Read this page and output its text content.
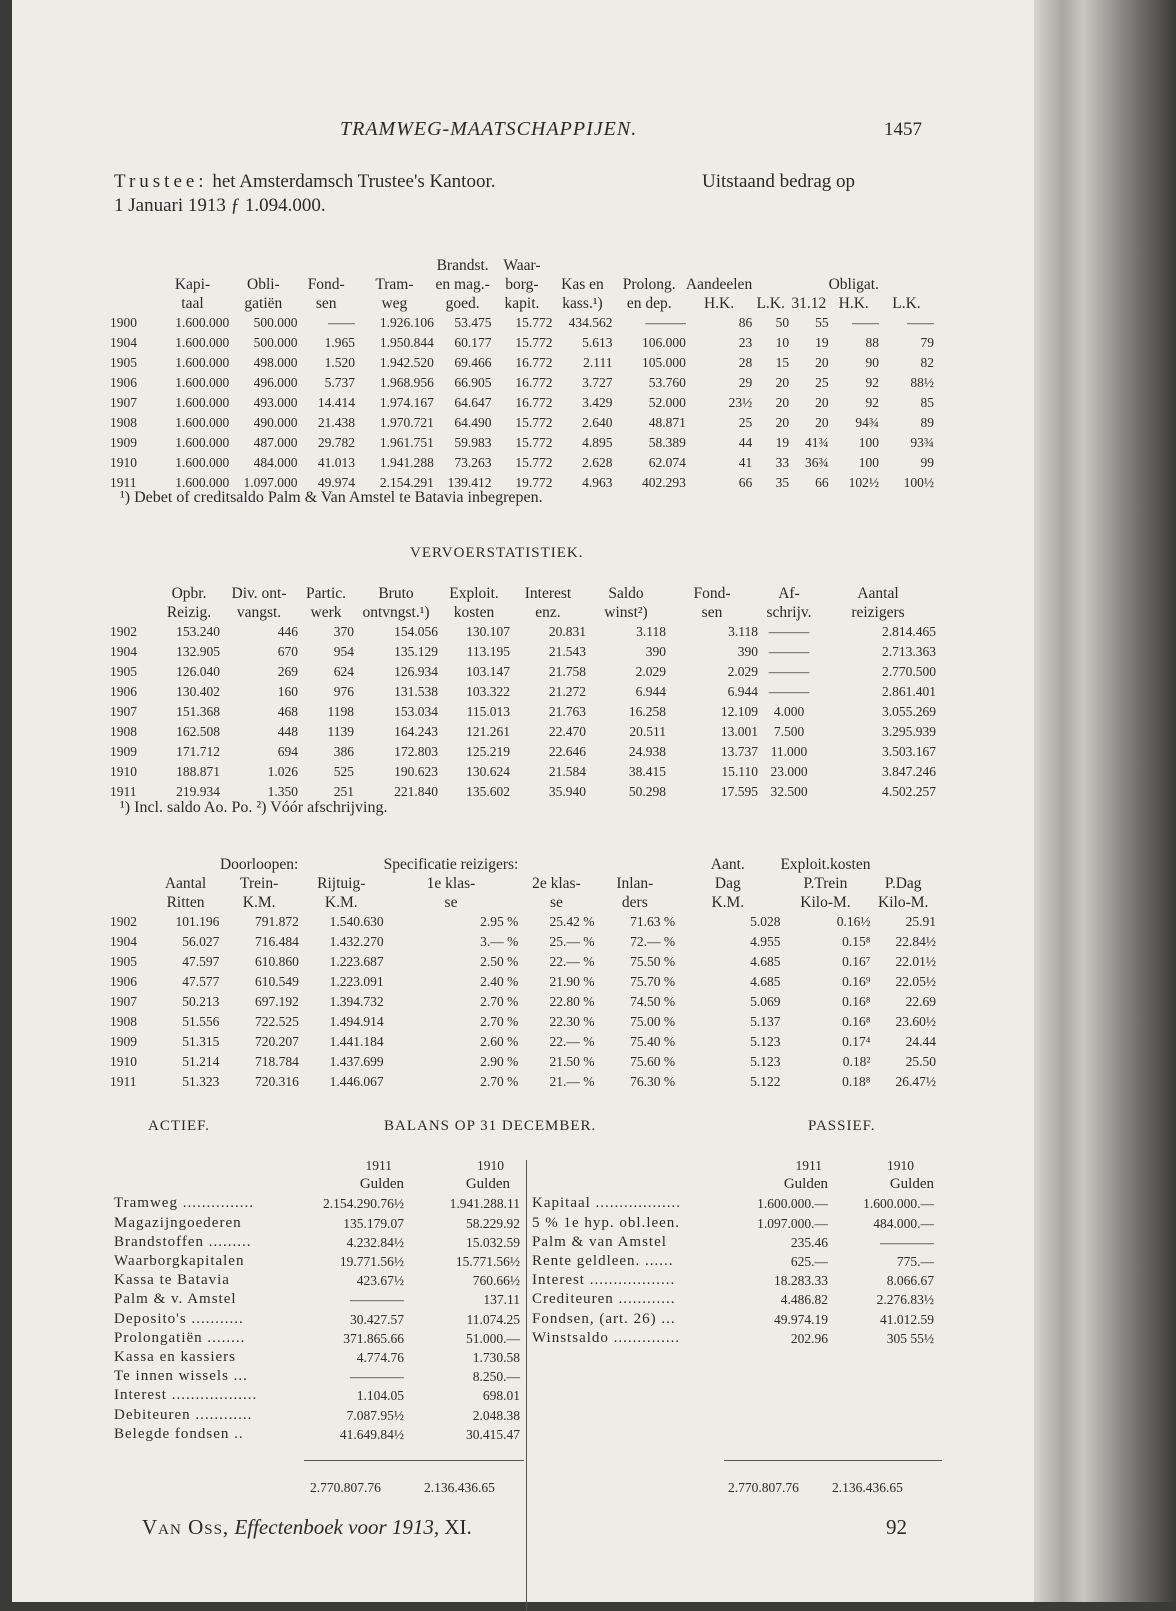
TRAMWEG-MAATSCHAPPIJEN.	1457
Trustee: het Amsterdamsch Trustee's Kantoor.	Uitstaand bedrag op
1 Januari 1913 ƒ 1.094.000.
					Brandst.	Waar-							
	Kapi-	Obli-	Fond-	Tram-	en mag.-	borg-	Kas en	Prolong.	Aandeelen			Obligat.	
	taal	gatiën	sen	weg	goed.	kapit.	kass.¹)	en dep.	H.K.	L.K.	31.12	H.K.	L.K.
1900	1.600.000	500.000	——	1.926.106	53.475	15.772	434.562	———	86	50	55	——	——
1904	1.600.000	500.000	1.965	1.950.844	60.177	15.772	5.613	106.000	23	10	19	88	79
1905	1.600.000	498.000	1.520	1.942.520	69.466	16.772	2.111	105.000	28	15	20	90	82
1906	1.600.000	496.000	5.737	1.968.956	66.905	16.772	3.727	53.760	29	20	25	92	88½
1907	1.600.000	493.000	14.414	1.974.167	64.647	16.772	3.429	52.000	23½	20	20	92	85
1908	1.600.000	490.000	21.438	1.970.721	64.490	15.772	2.640	48.871	25	20	20	94¾	89
1909	1.600.000	487.000	29.782	1.961.751	59.983	15.772	4.895	58.389	44	19	41¾	100	93¾
1910	1.600.000	484.000	41.013	1.941.288	73.263	15.772	2.628	62.074	41	33	36¾	100	99
1911	1.600.000	1.097.000	49.974	2.154.291	139.412	19.772	4.963	402.293	66	35	66	102½	100½
¹) Debet of creditsaldo Palm & Van Amstel te Batavia inbegrepen.
VERVOERSTATISTIEK.
	Opbr.	Div. ont-	Partic.	Bruto	Exploit.	Interest	Saldo	Fond-	Af-	Aantal
	Reizig.	vangst.	werk	ontvngst.¹)	kosten	enz.	winst²)	sen	schrijv.	reizigers
1902	153.240	446	370	154.056	130.107	20.831	3.118	3.118	———	2.814.465
1904	132.905	670	954	135.129	113.195	21.543	390	390	———	2.713.363
1905	126.040	269	624	126.934	103.147	21.758	2.029	2.029	———	2.770.500
1906	130.402	160	976	131.538	103.322	21.272	6.944	6.944	———	2.861.401
1907	151.368	468	1198	153.034	115.013	21.763	16.258	12.109	4.000	3.055.269
1908	162.508	448	1139	164.243	121.261	22.470	20.511	13.001	7.500	3.295.939
1909	171.712	694	386	172.803	125.219	22.646	24.938	13.737	11.000	3.503.167
1910	188.871	1.026	525	190.623	130.624	21.584	38.415	15.110	23.000	3.847.246
1911	219.934	1.350	251	221.840	135.602	35.940	50.298	17.595	32.500	4.502.257
¹) Incl. saldo Ao. Po. ²) Vóór afschrijving.
		Doorloopen:		Specificatie reizigers:			Aant.	Exploit.kosten	
	Aantal	Trein-	Rijtuig-	1e klas-	2e klas-	Inlan-	Dag	P.Trein	P.Dag
	Ritten	K.M.	K.M.	se	se	ders	K.M.	Kilo-M.	Kilo-M.
1902	101.196	791.872	1.540.630	2.95 %	25.42 %	71.63 %	5.028	0.16½	25.91
1904	56.027	716.484	1.432.270	3.— %	25.— %	72.— %	4.955	0.15⁸	22.84½
1905	47.597	610.860	1.223.687	2.50 %	22.— %	75.50 %	4.685	0.16⁷	22.01½
1906	47.577	610.549	1.223.091	2.40 %	21.90 %	75.70 %	4.685	0.16⁹	22.05½
1907	50.213	697.192	1.394.732	2.70 %	22.80 %	74.50 %	5.069	0.16⁸	22.69
1908	51.556	722.525	1.494.914	2.70 %	22.30 %	75.00 %	5.137	0.16⁸	23.60½
1909	51.315	720.207	1.441.184	2.60 %	22.— %	75.40 %	5.123	0.17⁴	24.44
1910	51.214	718.784	1.437.699	2.90 %	21.50 %	75.60 %	5.123	0.18²	25.50
1911	51.323	720.316	1.446.067	2.70 %	21.— %	76.30 %	5.122	0.18⁸	26.47½
ACTIEF.	BALANS OP 31 DECEMBER.	PASSIEF.
	1911	1910
	Gulden	Gulden
Tramweg ...............	2.154.290.76½	1.941.288.11
Magazijngoederen	135.179.07	58.229.92
Brandstoffen .........	4.232.84½	15.032.59
Waarborgkapitalen	19.771.56½	15.771.56½
Kassa te Batavia	423.67½	760.66½
Palm & v. Amstel	————	137.11
Deposito's ...........	30.427.57	11.074.25
Prolongatiën ........	371.865.66	51.000.—
Kassa en kassiers	4.774.76	1.730.58
Te innen wissels ...	————	8.250.—
Interest ..................	1.104.05	698.01
Debiteuren ............	7.087.95½	2.048.38
Belegde fondsen ..	41.649.84½	30.415.47
	1911	1910
	Gulden	Gulden
Kapitaal ..................	1.600.000.—	1.600.000.—
5 % 1e hyp. obl.leen.	1.097.000.—	484.000.—
Palm & van Amstel	235.46	————
Rente geldleen. ......	625.—	775.—
Interest ..................	18.283.33	8.066.67
Crediteuren ............	4.486.82	2.276.83½
Fondsen, (art. 26) ...	49.974.19	41.012.59
Winstsaldo ..............	202.96	305 55½
2.770.807.76	2.136.436.65	2.770.807.76 2.136.436.65
Van Oss, Effectenboek voor 1913, XI.	92
